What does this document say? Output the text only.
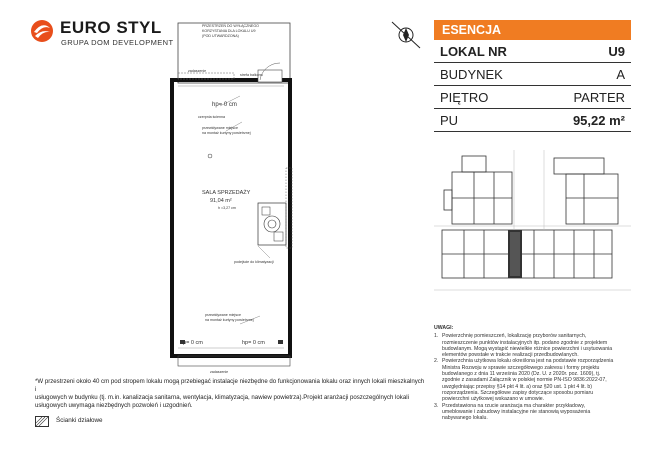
EURO STYL
GRUPA DOM DEVELOPMENT
PRZESTRZEŃ DO WYŁĄCZNEGO
KORZYSTANIA DLA LOKALU U9
(POD UTWARDZONA)
zadaszenie
strefa balkonu
hp= 0 cm
czerpnia ścienna
przewidywane miejsce
na montaż kurtyny powietrznej
SALA SPRZEDAŻY
91,04 m²
h =3,27 cm
podejście do klimatyzacji
przewidywane miejsce
na montaż kurtyny powietrznej
hp= 0 cm	hp= 0 cm
zadaszenie
ESENCJA
LOKAL NR	U9
BUDYNEK	A
PIĘTRO	PARTER
PU	95,22 m²
UWAGI:
1. Powierzchnię pomieszczeń, lokalizację przyborów sanitarnych,
rozmieszczenie punktów instalacyjnych itp. podano zgodnie z projektem
budowlanym. Mogą wystąpić niewielkie różnice powierzchni i usytuowania
elementów powstałe w trakcie realizacji przedbudowlanych.
2. Powierzchnia użytkowa lokalu określona jest na podstawie rozporządzenia
Ministra Rozwoju w sprawie szczegółowego zakresu i formy projektu
budowlanego z dnia 11 września 2020 (Dz. U. z 2020r. poz. 1609), tj.
zgodnie z zasadami Załącznik w polskiej normie PN-ISO 9836:2022-07,
uwzględniając przepisy §14 pkt 4 lit. a) oraz §20 ust. 1 pkt 4 lit. b)
rozporządzenia. Szczegółowe zapisy dotyczące sposobu pomiaru
powierzchni użytkowej wskazano w umowie.
3. Przedstawiona na rzucie aranżacja ma charakter przykładowy,
umeblowanie i zabudowy instalacyjne nie stanowią wyposażenia
nabywanego lokalu.
*W przestrzeni około 40 cm pod stropem lokalu mogą przebiegać instalacje niezbędne do funkcjonowania lokalu oraz innych lokali mieszkalnych i
usługowych w budynku (tj. m.in. kanalizacja sanitarna, wentylacja, klimatyzacja, nawiew powietrza).Projekt aranżacji poszczególnych lokali
usługowych uwymaga niezbędnych pozwoleń i uzgodnień.
Ścianki działowe
